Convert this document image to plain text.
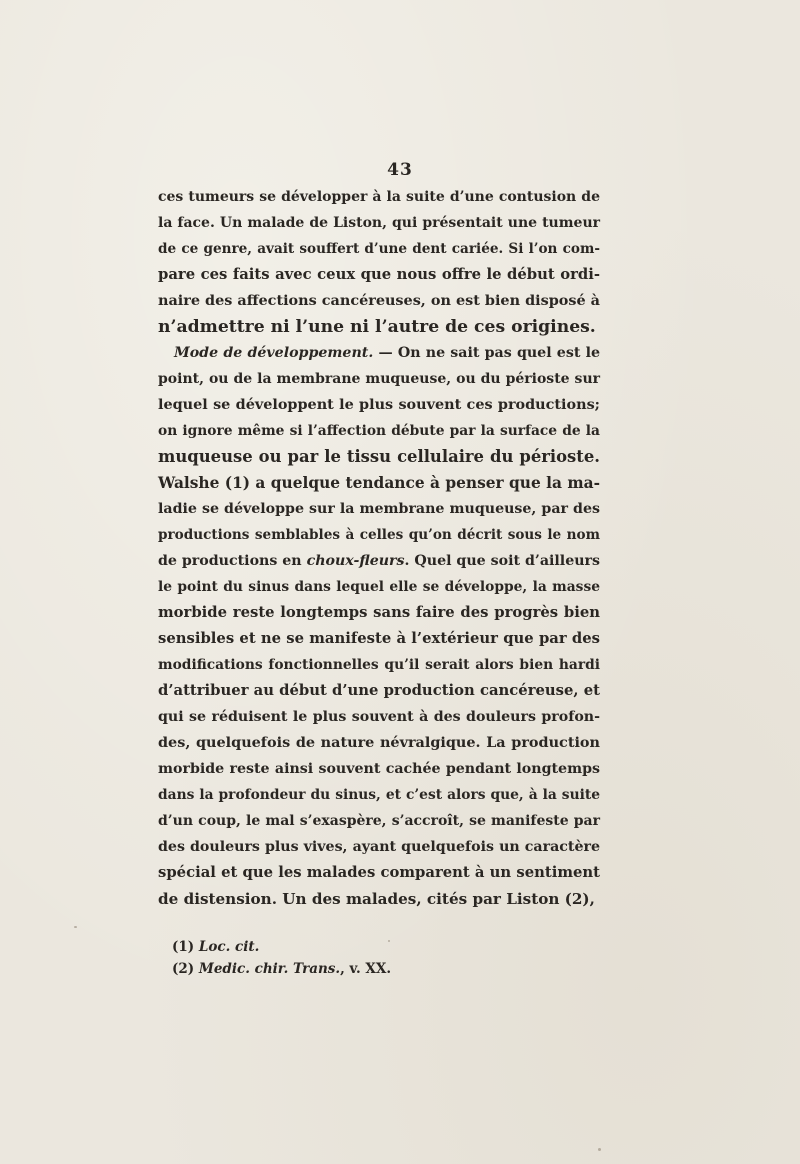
43
ces tumeurs se développer à la suite d’une contusion de
la face. Un malade de Liston, qui présentait une tumeur
de ce genre, avait souffert d’une dent cariée. Si l’on com-
pare ces faits avec ceux que nous offre le début ordi-
naire des affections cancéreuses, on est bien disposé à
n’admettre ni l’une ni l’autre de ces origines.
Mode de développement. — On ne sait pas quel est le
point, ou de la membrane muqueuse, ou du périoste sur
lequel se développent le plus souvent ces productions;
on ignore même si l’affection débute par la surface de la
muqueuse ou par le tissu cellulaire du périoste.
Walshe (1) a quelque tendance à penser que la ma-
ladie se développe sur la membrane muqueuse, par des
productions semblables à celles qu’on décrit sous le nom
de productions en choux-fleurs. Quel que soit d’ailleurs
le point du sinus dans lequel elle se développe, la masse
morbide reste longtemps sans faire des progrès bien
sensibles et ne se manifeste à l’extérieur que par des
modifications fonctionnelles qu’il serait alors bien hardi
d’attribuer au début d’une production cancéreuse, et
qui se réduisent le plus souvent à des douleurs profon-
des, quelquefois de nature névralgique. La production
morbide reste ainsi souvent cachée pendant longtemps
dans la profondeur du sinus, et c’est alors que, à la suite
d’un coup, le mal s’exaspère, s’accroît, se manifeste par
des douleurs plus vives, ayant quelquefois un caractère
spécial et que les malades comparent à un sentiment
de distension. Un des malades, cités par Liston (2),
(1) Loc. cit.
(2) Medic. chir. Trans., v. XX.
